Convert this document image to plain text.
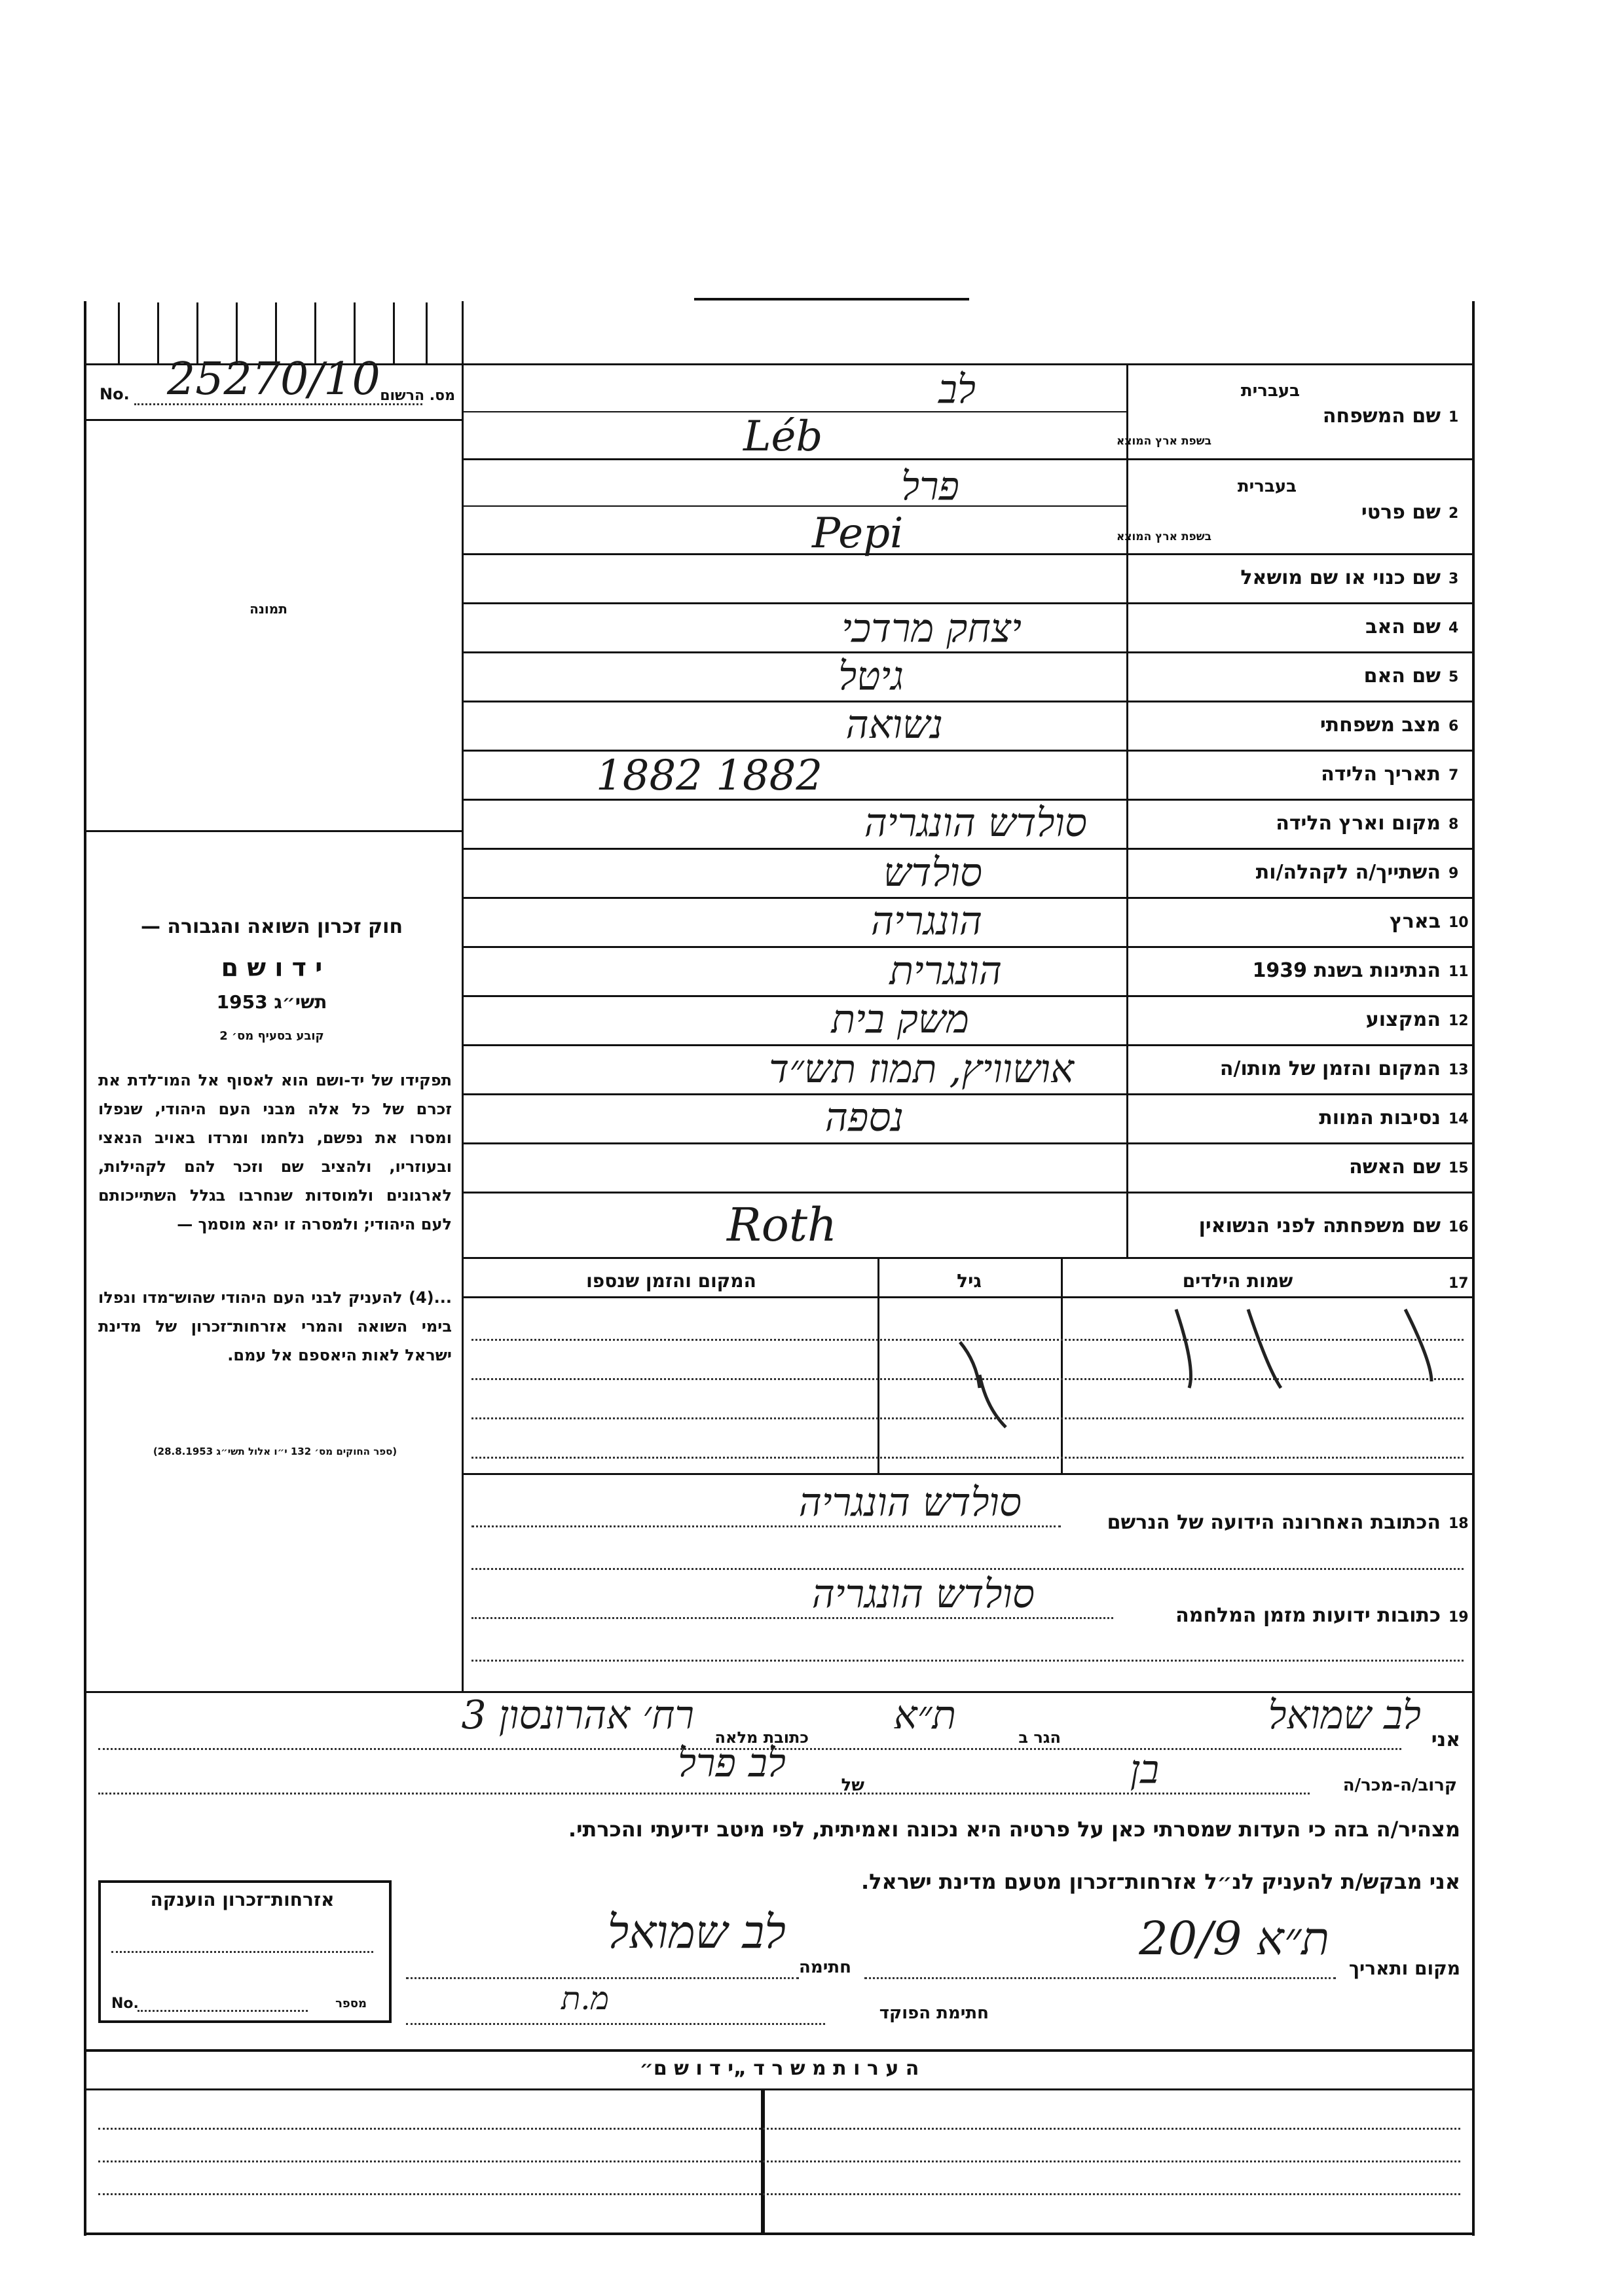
No. 25270/10 מס. הרשום
תמונה
חוק זכרון השואה והגבורה —
י ד ו ש ם
תשי״ג 1953
קובע בסעיף מס׳ 2
תפקידו של יד-ושם הוא לאסוף אל המו־לדת את זכרם של כל אלה מבני העם היהודי, שנפלו ומסרו את נפשם, נלחמו ומרדו באויב הנאצי ובעוזריו, ולהציב שם וזכר להם לקהילות, לארגונים ולמוסדות שנחרבו בגלל השתייכותם לעם היהודי; ולמסרה זו יהא מוסמך —
...(4) להעניק לבני העם היהודי שהוש־מדו ונפלו בימי השואה והמרי אזרחות־זכרון של מדינת ישראל לאות היאספם אל עמם.
(ספר החוקים מס׳ 132 י״ו אלול תשי״ג 28.8.1953)
1
שם המשפחה
בעברית
בשפת ארץ המוצא
לב
Léb
2
שם פרטי
בעברית
בשפת ארץ המוצא
פרל
Pepi
3
שם כנוי או שם מושאל
4
שם האב
יצחק מרדכי
5
שם האם
גיטל
6
מצב משפחתי
נשואה
7
תאריך הלידה
1882 1882
8
מקום וארץ הלידה
סולדש הונגריה
9
השתייך/ה לקהלה/ות
סולדש
10
בארץ
הונגריה
11
הנתינות בשנת 1939
הונגרית
12
המקצוע
משק בית
13
המקום והזמן של מותו/ה
אושוויץ, תמוז תש״ד
14
נסיבות המוות
נספה
15
שם האשה
16
שם משפחתה לפני הנשואין
Roth
17
שמות הילדים
גיל
המקום והזמן שנספו
18
הכתובת האחרונה הידועה של הנרשם
סולדש הונגריה
19
כתובות ידועות מזמן המלחמה
סולדש הונגריה
אני
לב שמואל
הגר ב
ת״א
כתובת מלאה
רח׳ אהרונסון 3
קרוב/ה-מכר/ה
בן
של
לב פרל
מצהיר/ה בזה כי העדות שמסרתי כאן על פרטיה היא נכונה ואמיתית, לפי מיטב ידיעתי והכרתי.
אני מבקש/ת להעניק לנ״ל אזרחות־זכרון מטעם מדינת ישראל.
מקום ותאריך
ת״א 20/9
חתימה
לב שמואל
חתימת הפוקד
מ.ת
אזרחות־זכרון הוענקה
No.	מספר
ה ע ר ו ת מ ש ר ד „י ד ו ש ם״
